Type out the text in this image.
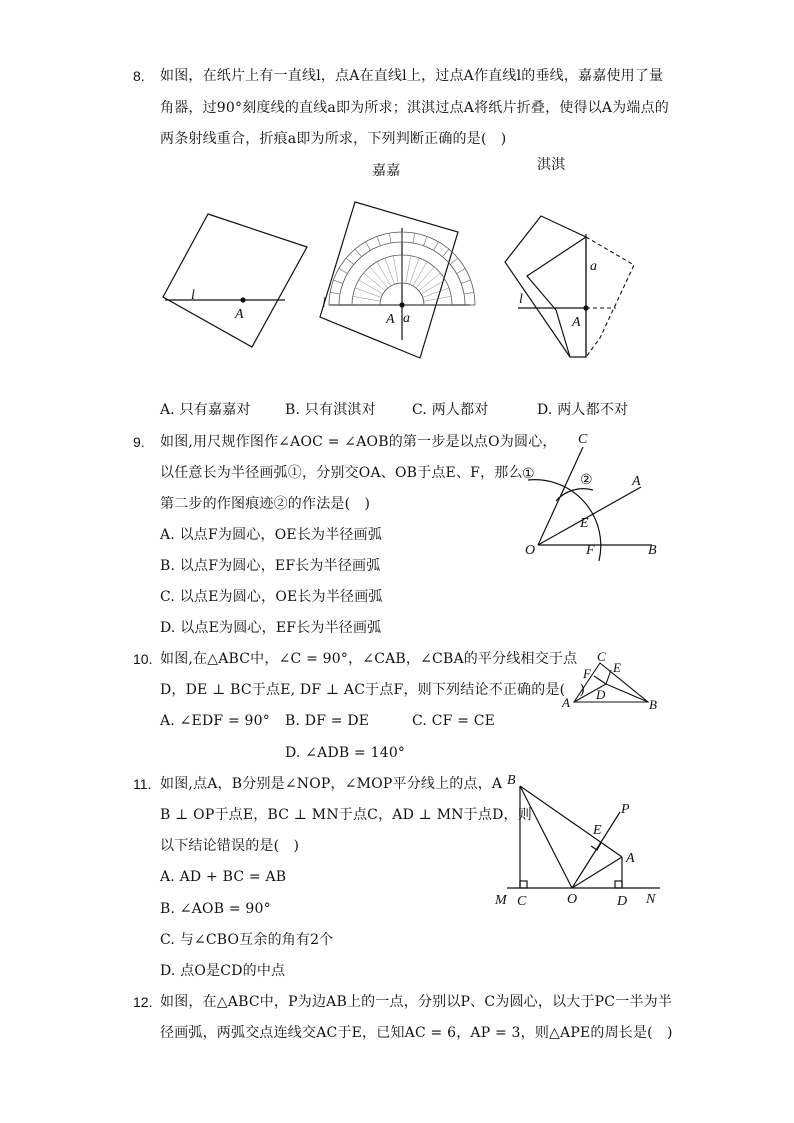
8. 如图，在纸片上有一直线l，点A在直线l上，过点A作直线l的垂线，嘉嘉使用了量
角器，过90°刻度线的直线a即为所求；淇淇过点A将纸片折叠，使得以A为端点的
两条射线重合，折痕a即为所求，下列判断正确的是(　)
嘉嘉	淇淇
l
A
l
A a
a
l
A
A. 只有嘉嘉对 B. 只有淇淇对	C. 两人都对	D. 两人都不对
9. 如图,用尺规作图作∠AOC = ∠AOB的第一步是以点O为圆心，
以任意长为半径画弧①，分别交OA、OB于点E、F，那么
第二步的作图痕迹②的作法是(　)
A. 以点F为圆心，OE长为半径画弧
B. 以点F为圆心，EF长为半径画弧
C. 以点E为圆心，OE长为半径画弧
D. 以点E为圆心，EF长为半径画弧
C
A
E
O	F	B
①	②
10. 如图,在△ABC中，∠C = 90°，∠CAB，∠CBA的平分线相交于点
D，DE ⊥ BC于点E, DF ⊥ AC于点F，则下列结论不正确的是(　)
A. ∠EDF = 90° B. DF = DE	C. CF = CE
D. ∠ADB = 140°
C
E
F
D
A	B
11. 如图,点A，B分别是∠NOP，∠MOP平分线上的点，A
B ⊥ OP于点E，BC ⊥ MN于点C，AD ⊥ MN于点D，则
以下结论错误的是(　)
A. AD + BC = AB
B. ∠AOB = 90°
C. 与∠CBO互余的角有2个
D. 点O是CD的中点
B
P
E
A
M C	O	D N
12. 如图，在△ABC中，P为边AB上的一点，分别以P、C为圆心，以大于PC一半为半
径画弧，两弧交点连线交AC于E，已知AC = 6，AP = 3，则△APE的周长是(　)
